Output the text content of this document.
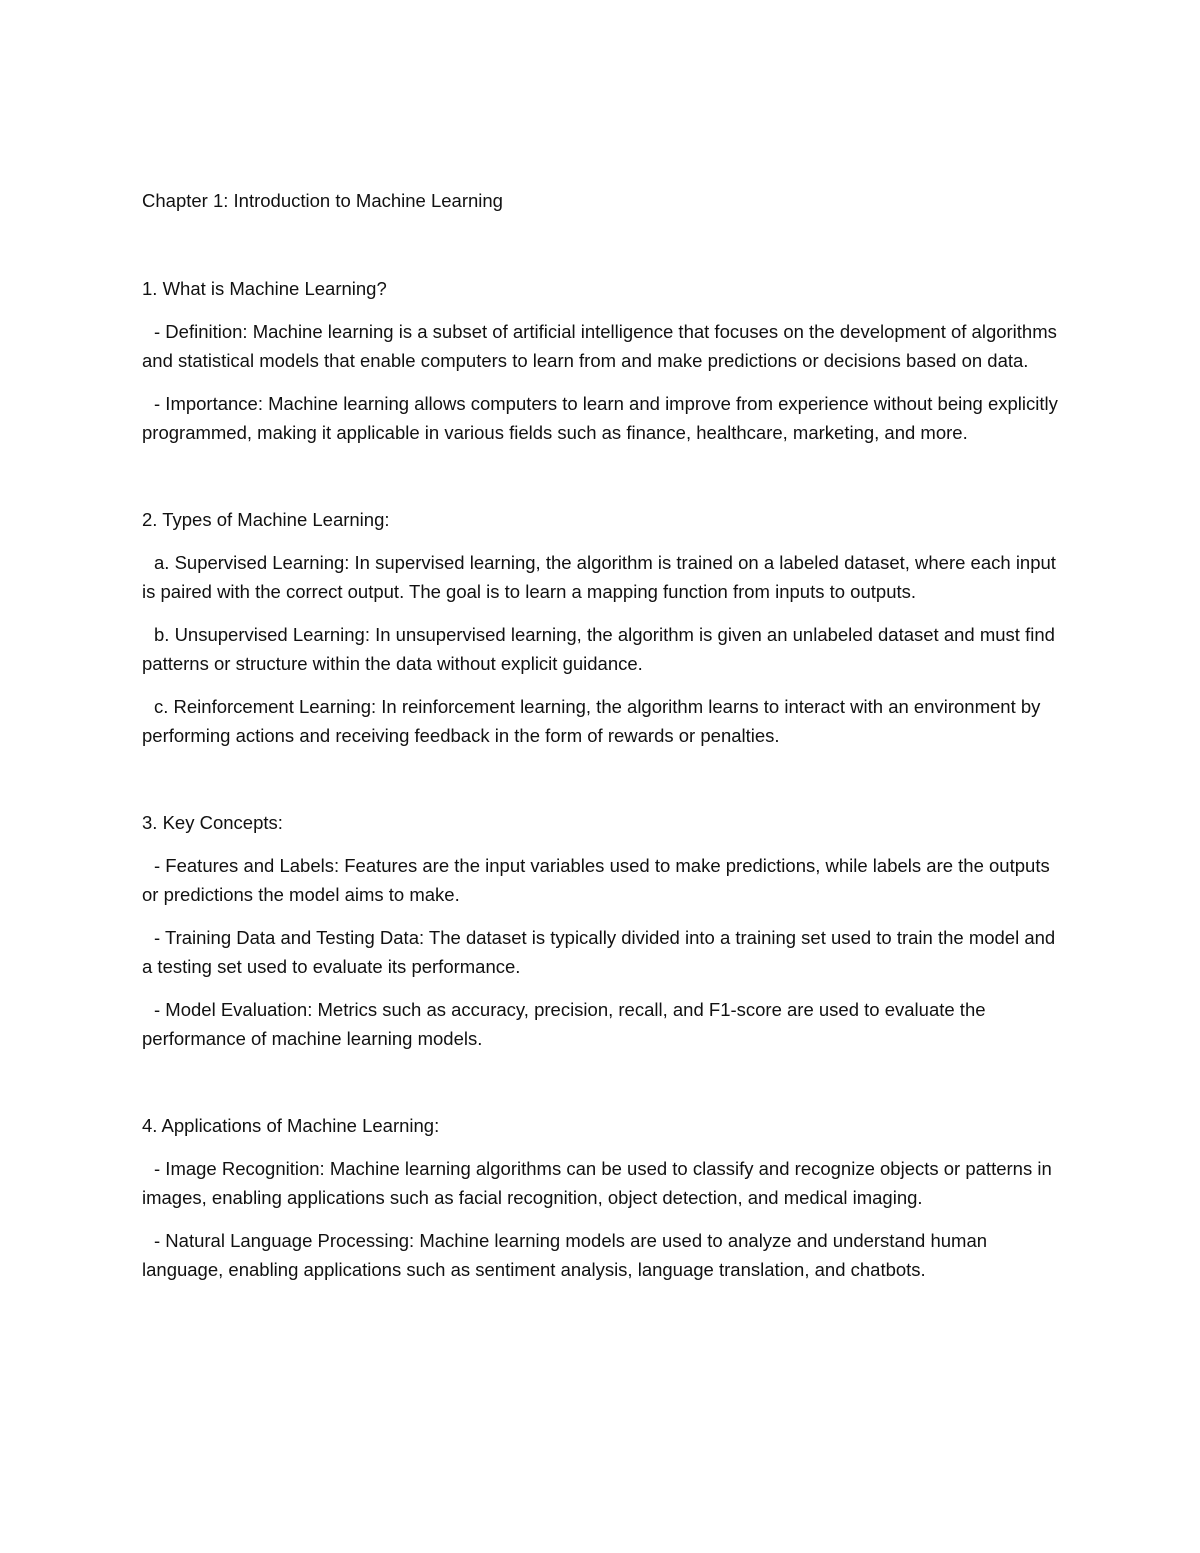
Chapter 1: Introduction to Machine Learning

1. What is Machine Learning?

- Definition: Machine learning is a subset of artificial intelligence that focuses on the development of algorithms and statistical models that enable computers to learn from and make predictions or decisions based on data.

- Importance: Machine learning allows computers to learn and improve from experience without being explicitly programmed, making it applicable in various fields such as finance, healthcare, marketing, and more.

2. Types of Machine Learning:

a. Supervised Learning: In supervised learning, the algorithm is trained on a labeled dataset, where each input is paired with the correct output. The goal is to learn a mapping function from inputs to outputs.

b. Unsupervised Learning: In unsupervised learning, the algorithm is given an unlabeled dataset and must find patterns or structure within the data without explicit guidance.

c. Reinforcement Learning: In reinforcement learning, the algorithm learns to interact with an environment by performing actions and receiving feedback in the form of rewards or penalties.

3. Key Concepts:

- Features and Labels: Features are the input variables used to make predictions, while labels are the outputs or predictions the model aims to make.

- Training Data and Testing Data: The dataset is typically divided into a training set used to train the model and a testing set used to evaluate its performance.

- Model Evaluation: Metrics such as accuracy, precision, recall, and F1-score are used to evaluate the performance of machine learning models.

4. Applications of Machine Learning:

- Image Recognition: Machine learning algorithms can be used to classify and recognize objects or patterns in images, enabling applications such as facial recognition, object detection, and medical imaging.

- Natural Language Processing: Machine learning models are used to analyze and understand human language, enabling applications such as sentiment analysis, language translation, and chatbots.
